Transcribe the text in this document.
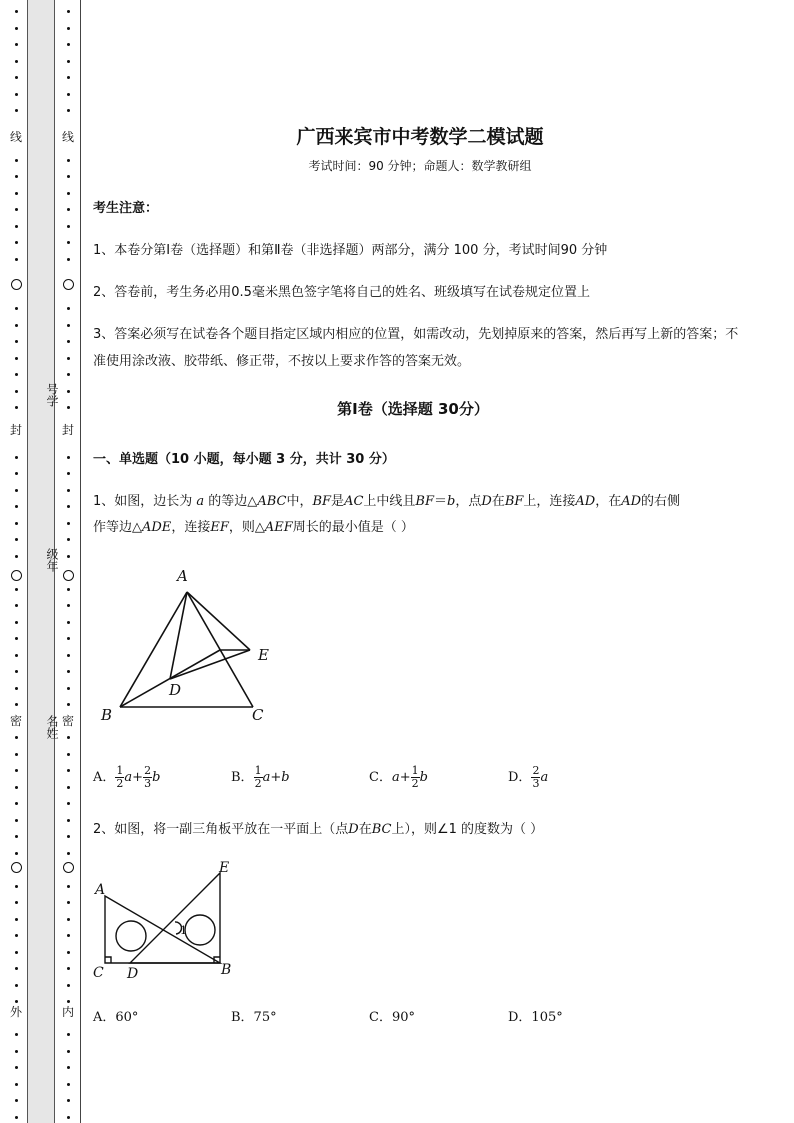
线
封
密
外
号学
级年
名姓
线
封
密
内
广西来宾市中考数学二模试题
考试时间：90 分钟；命题人：数学教研组
考生注意：
1、本卷分第Ⅰ卷（选择题）和第Ⅱ卷（非选择题）两部分，满分 100 分，考试时间90 分钟
2、答卷前，考生务必用0.5毫米黑色签字笔将自己的姓名、班级填写在试卷规定位置上
3、答案必须写在试卷各个题目指定区域内相应的位置，如需改动，先划掉原来的答案，然后再写上新的答案；不准使用涂改液、胶带纸、修正带，不按以上要求作答的答案无效。
第Ⅰ卷（选择题 30分）
一、单选题（10 小题，每小题 3 分，共计 30 分）
1、如图，边长为 a 的等边△ABC中，BF是AC上中线且BF＝b，点D在BF上，连接AD，在AD的右侧
作等边△ADE，连接EF，则△AEF周长的最小值是（ ）
A
B	C
D
E
A． $\frac{1}{2} a+ \frac{2}{3}$ b	B． $\frac{1}{2} a+b$	C．$a+ \frac{1}{2}$ b	D． $\frac{2}{3}$ a
2、如图，将一副三角板平放在一平面上（点D在BC上），则∠1 的度数为（ ）
A
B
C D
E
1
A．60°	B．75°	C．90°	D．105°
